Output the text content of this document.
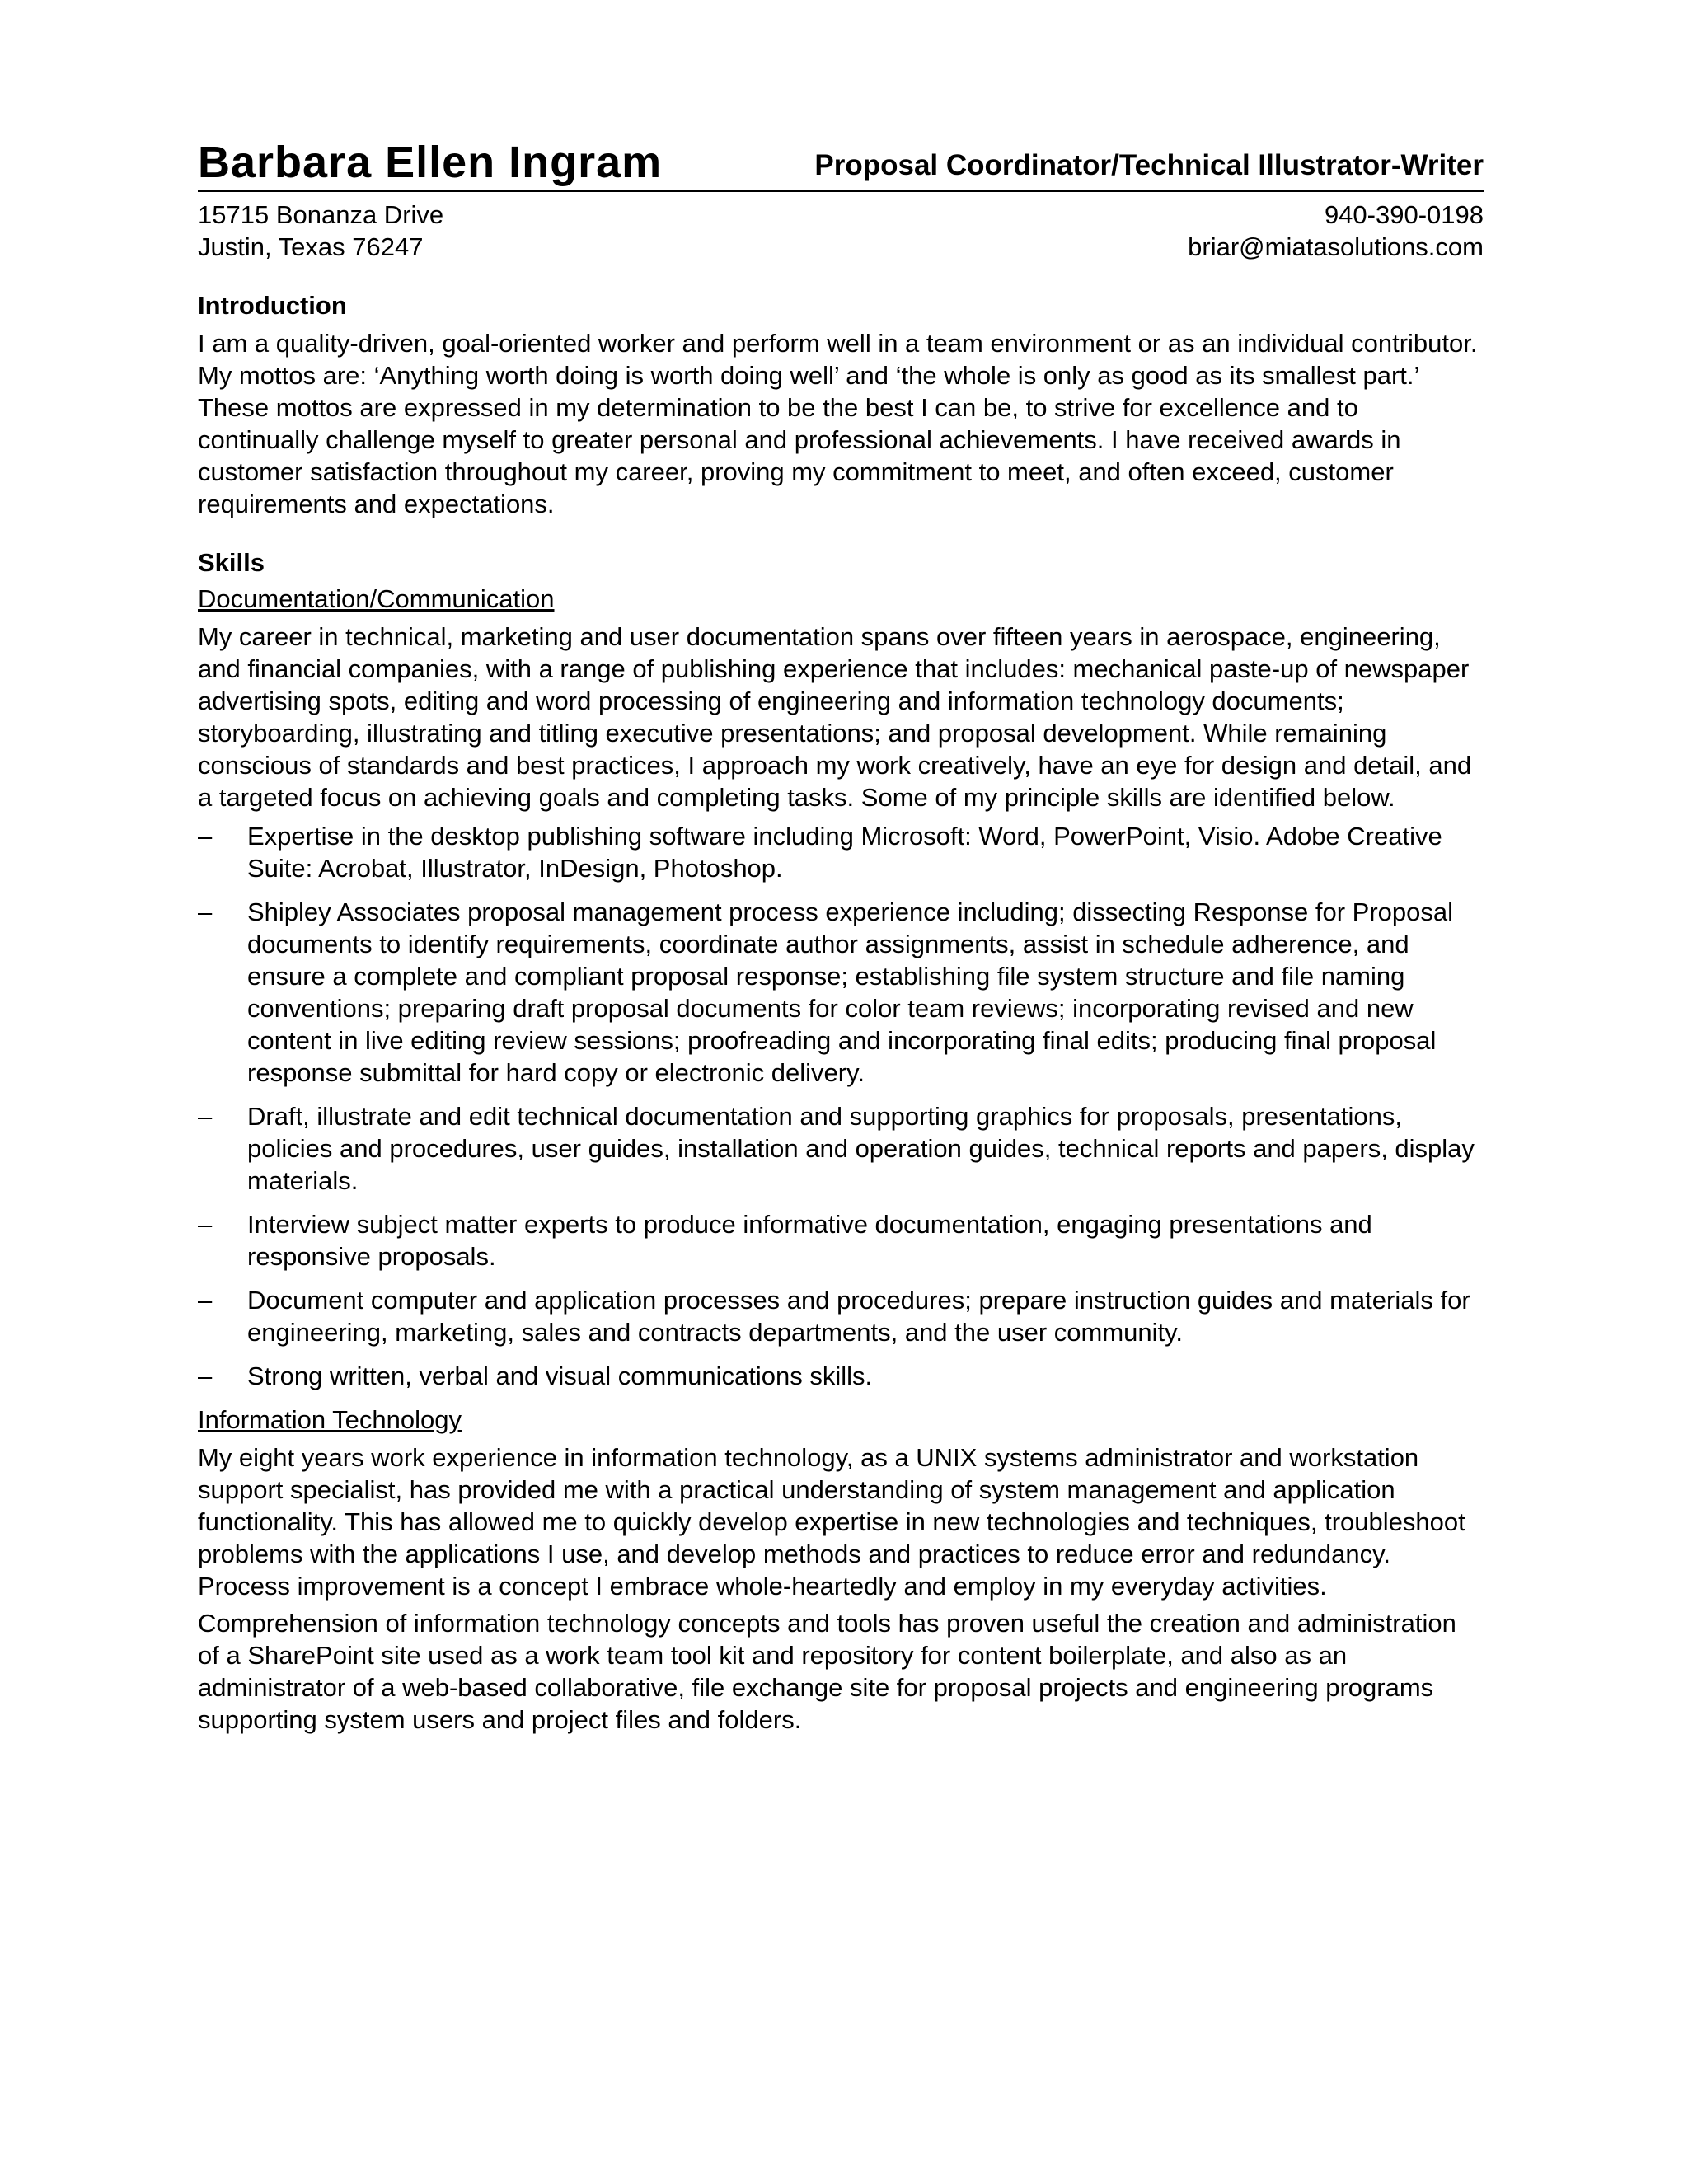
Barbara Ellen Ingram	Proposal Coordinator/Technical Illustrator-Writer
15715 Bonanza Drive
Justin, Texas 76247
940-390-0198
briar@miatasolutions.com
Introduction

I am a quality-driven, goal-oriented worker and perform well in a team environment or as an individual contributor. My mottos are: ‘Anything worth doing is worth doing well’ and ‘the whole is only as good as its smallest part.’ These mottos are expressed in my determination to be the best I can be, to strive for excellence and to continually challenge myself to greater personal and professional achievements. I have received awards in customer satisfaction throughout my career, proving my commitment to meet, and often exceed, customer requirements and expectations.

Skills
Documentation/Communication

My career in technical, marketing and user documentation spans over fifteen years in aerospace, engineering, and financial companies, with a range of publishing experience that includes: mechanical paste-up of newspaper advertising spots, editing and word processing of engineering and information technology documents; storyboarding, illustrating and titling executive presentations; and proposal development. While remaining conscious of standards and best practices, I approach my work creatively, have an eye for design and detail, and a targeted focus on achieving goals and completing tasks. Some of my principle skills are identified below.

– Expertise in the desktop publishing software including Microsoft: Word, PowerPoint, Visio. Adobe Creative Suite: Acrobat, Illustrator, InDesign, Photoshop.
– Shipley Associates proposal management process experience including; dissecting Response for Proposal documents to identify requirements, coordinate author assignments, assist in schedule adherence, and ensure a complete and compliant proposal response; establishing file system structure and file naming conventions; preparing draft proposal documents for color team reviews; incorporating revised and new content in live editing review sessions; proofreading and incorporating final edits; producing final proposal response submittal for hard copy or electronic delivery.
– Draft, illustrate and edit technical documentation and supporting graphics for proposals, presentations, policies and procedures, user guides, installation and operation guides, technical reports and papers, display materials.
– Interview subject matter experts to produce informative documentation, engaging presentations and responsive proposals.
– Document computer and application processes and procedures; prepare instruction guides and materials for engineering, marketing, sales and contracts departments, and the user community.
– Strong written, verbal and visual communications skills.
Information Technology

My eight years work experience in information technology, as a UNIX systems administrator and workstation support specialist, has provided me with a practical understanding of system management and application functionality. This has allowed me to quickly develop expertise in new technologies and techniques, troubleshoot problems with the applications I use, and develop methods and practices to reduce error and redundancy. Process improvement is a concept I embrace whole-heartedly and employ in my everyday activities.

Comprehension of information technology concepts and tools has proven useful the creation and administration of a SharePoint site used as a work team tool kit and repository for content boilerplate, and also as an administrator of a web-based collaborative, file exchange site for proposal projects and engineering programs supporting system users and project files and folders.
